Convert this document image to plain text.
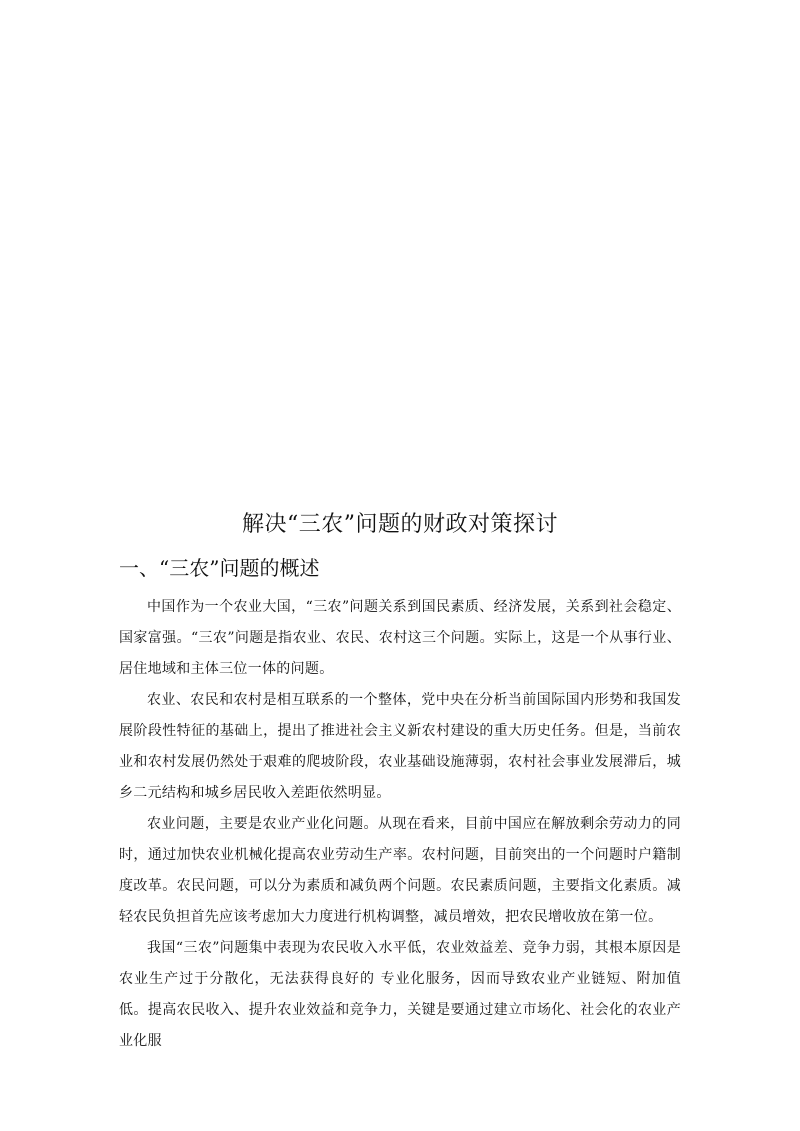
解决“三农”问题的财政对策探讨
一、“三农”问题的概述

中国作为一个农业大国，“三农”问题关系到国民素质、经济发展，关系到社会稳定、国家富强。“三农”问题是指农业、农民、农村这三个问题。实际上，这是一个从事行业、居住地域和主体三位一体的问题。

农业、农民和农村是相互联系的一个整体，党中央在分析当前国际国内形势和我国发展阶段性特征的基础上，提出了推进社会主义新农村建设的重大历史任务。但是，当前农业和农村发展仍然处于艰难的爬坡阶段，农业基础设施薄弱，农村社会事业发展滞后，城乡二元结构和城乡居民收入差距依然明显。

农业问题，主要是农业产业化问题。从现在看来，目前中国应在解放剩余劳动力的同时，通过加快农业机械化提高农业劳动生产率。农村问题，目前突出的一个问题时户籍制度改革。农民问题，可以分为素质和减负两个问题。农民素质问题，主要指文化素质。减轻农民负担首先应该考虑加大力度进行机构调整，减员增效，把农民增收放在第一位。

我国“三农”问题集中表现为农民收入水平低，农业效益差、竞争力弱，其根本原因是农业生产过于分散化，无法获得良好的 专业化服务，因而导致农业产业链短、附加值低。提高农民收入、提升农业效益和竞争力，关键是要通过建立市场化、社会化的农业产业化服
